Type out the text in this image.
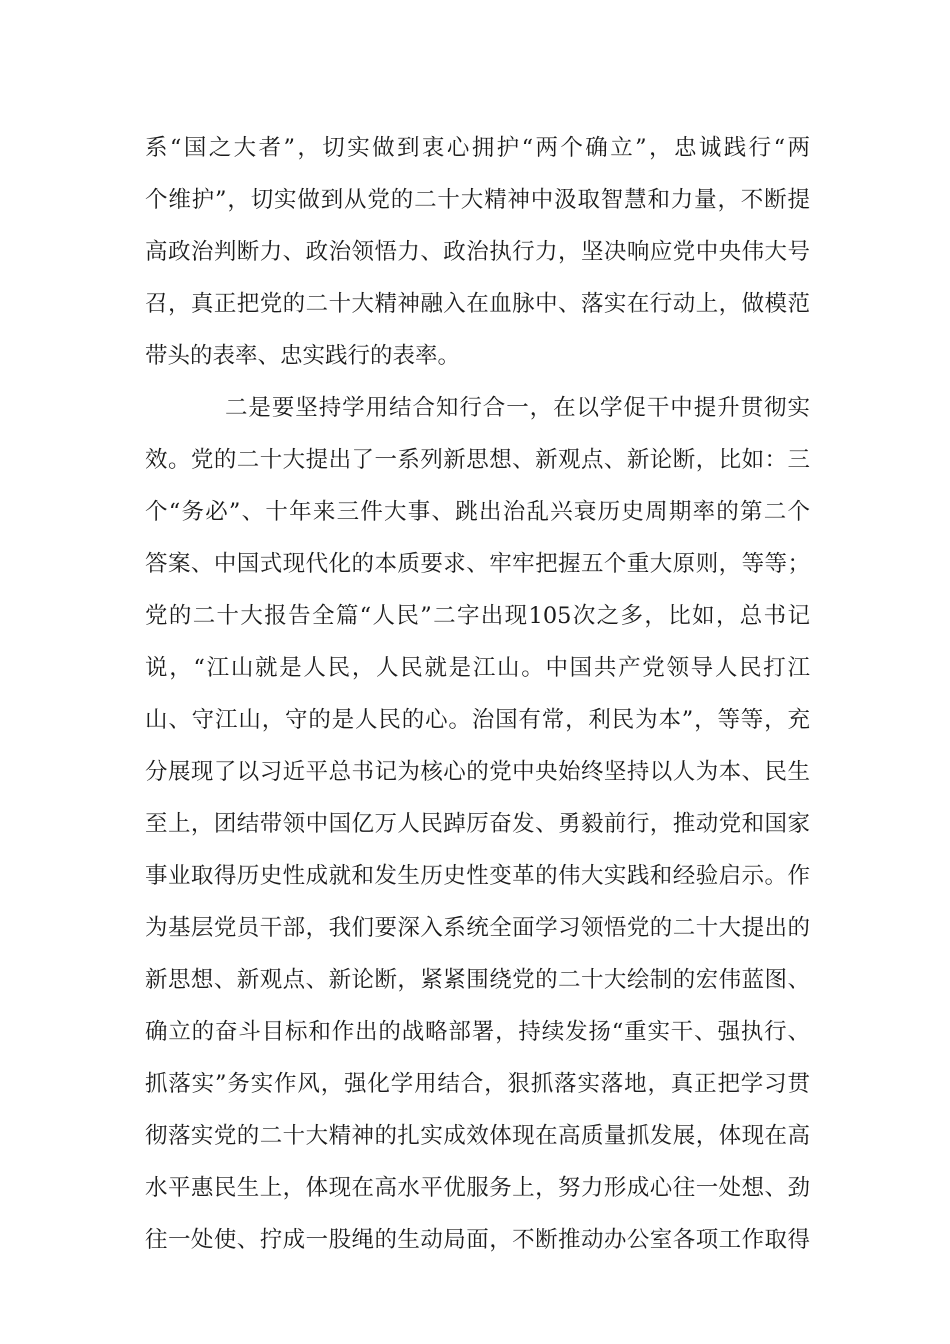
系“国之大者”，切实做到衷心拥护“两个确立”，忠诚践行“两
个维护”，切实做到从党的二十大精神中汲取智慧和力量，不断提
高政治判断力、政治领悟力、政治执行力，坚决响应党中央伟大号
召，真正把党的二十大精神融入在血脉中、落实在行动上，做模范
带头的表率、忠实践行的表率。
二是要坚持学用结合知行合一，在以学促干中提升贯彻实
效。党的二十大提出了一系列新思想、新观点、新论断，比如：三
个“务必”、十年来三件大事、跳出治乱兴衰历史周期率的第二个
答案、中国式现代化的本质要求、牢牢把握五个重大原则，等等；
党的二十大报告全篇“人民”二字出现105次之多，比如，总书记
说，“江山就是人民，人民就是江山。中国共产党领导人民打江
山、守江山，守的是人民的心。治国有常，利民为本”，等等，充
分展现了以习近平总书记为核心的党中央始终坚持以人为本、民生
至上，团结带领中国亿万人民踔厉奋发、勇毅前行，推动党和国家
事业取得历史性成就和发生历史性变革的伟大实践和经验启示。作
为基层党员干部，我们要深入系统全面学习领悟党的二十大提出的
新思想、新观点、新论断，紧紧围绕党的二十大绘制的宏伟蓝图、
确立的奋斗目标和作出的战略部署，持续发扬“重实干、强执行、
抓落实”务实作风，强化学用结合，狠抓落实落地，真正把学习贯
彻落实党的二十大精神的扎实成效体现在高质量抓发展，体现在高
水平惠民生上，体现在高水平优服务上，努力形成心往一处想、劲
往一处使、拧成一股绳的生动局面，不断推动办公室各项工作取得
